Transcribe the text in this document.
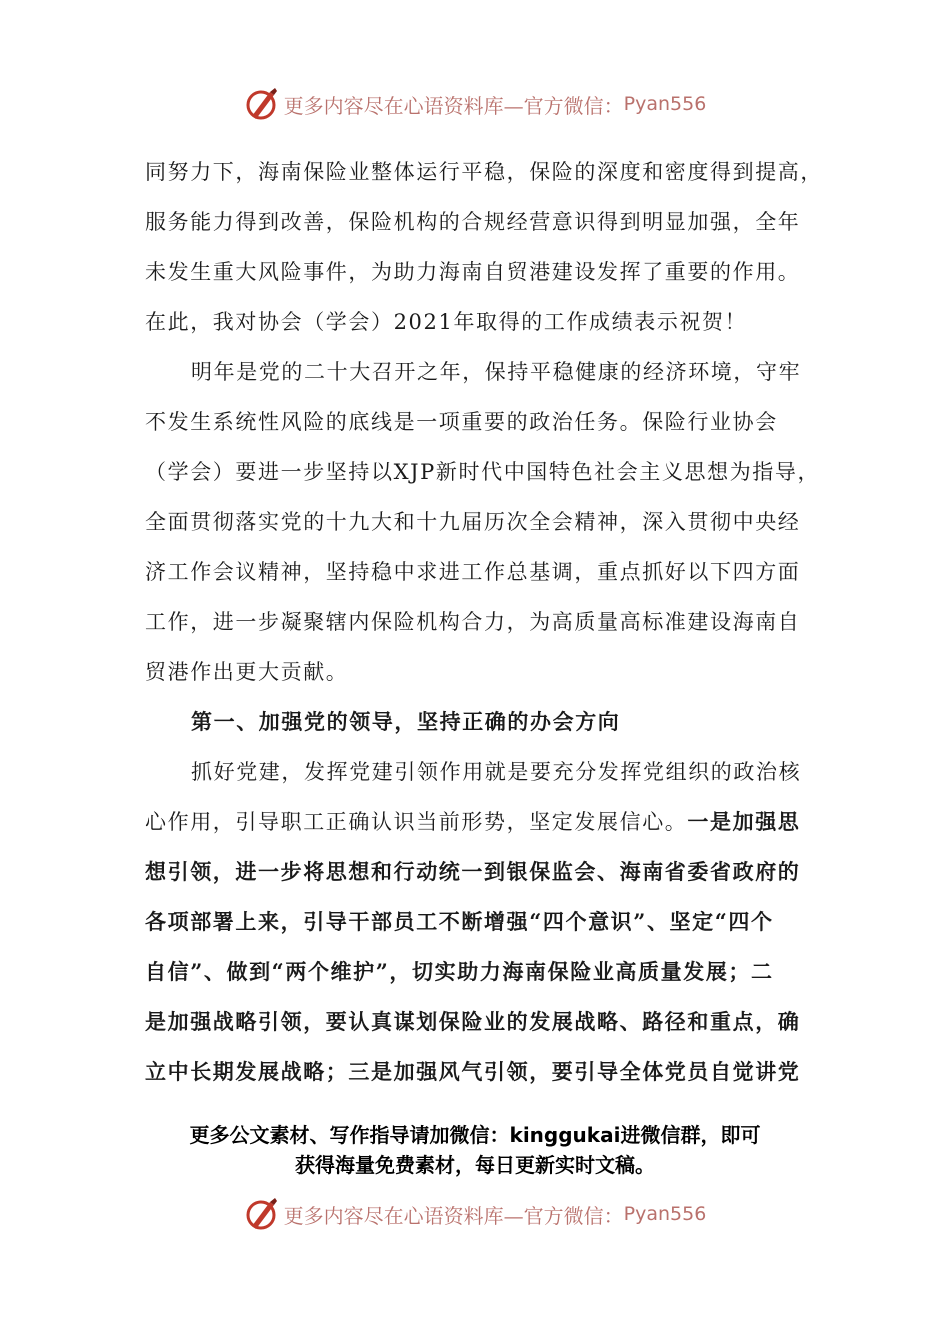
更多内容尽在心语资料库—官方微信： Pyan556
同努力下，海南保险业整体运行平稳，保险的深度和密度得到提高，
服务能力得到改善，保险机构的合规经营意识得到明显加强，全年
未发生重大风险事件，为助力海南自贸港建设发挥了重要的作用。
在此，我对协会（学会）2021年取得的工作成绩表示祝贺！
明年是党的二十大召开之年，保持平稳健康的经济环境，守牢
不发生系统性风险的底线是一项重要的政治任务。保险行业协会
（学会）要进一步坚持以XJP新时代中国特色社会主义思想为指导，
全面贯彻落实党的十九大和十九届历次全会精神，深入贯彻中央经
济工作会议精神，坚持稳中求进工作总基调，重点抓好以下四方面
工作，进一步凝聚辖内保险机构合力，为高质量高标准建设海南自
贸港作出更大贡献。
第一、加强党的领导，坚持正确的办会方向
抓好党建，发挥党建引领作用就是要充分发挥党组织的政治核
心作用，引导职工正确认识当前形势，坚定发展信心。一是加强思
想引领，进一步将思想和行动统一到银保监会、海南省委省政府的
各项部署上来，引导干部员工不断增强“四个意识”、坚定“四个
自信”、做到“两个维护”，切实助力海南保险业高质量发展；二
是加强战略引领，要认真谋划保险业的发展战略、路径和重点，确
立中长期发展战略；三是加强风气引领，要引导全体党员自觉讲党
更多公文素材、写作指导请加微信：kinggukai进微信群，即可
获得海量免费素材，每日更新实时文稿。
更多内容尽在心语资料库—官方微信： Pyan556
